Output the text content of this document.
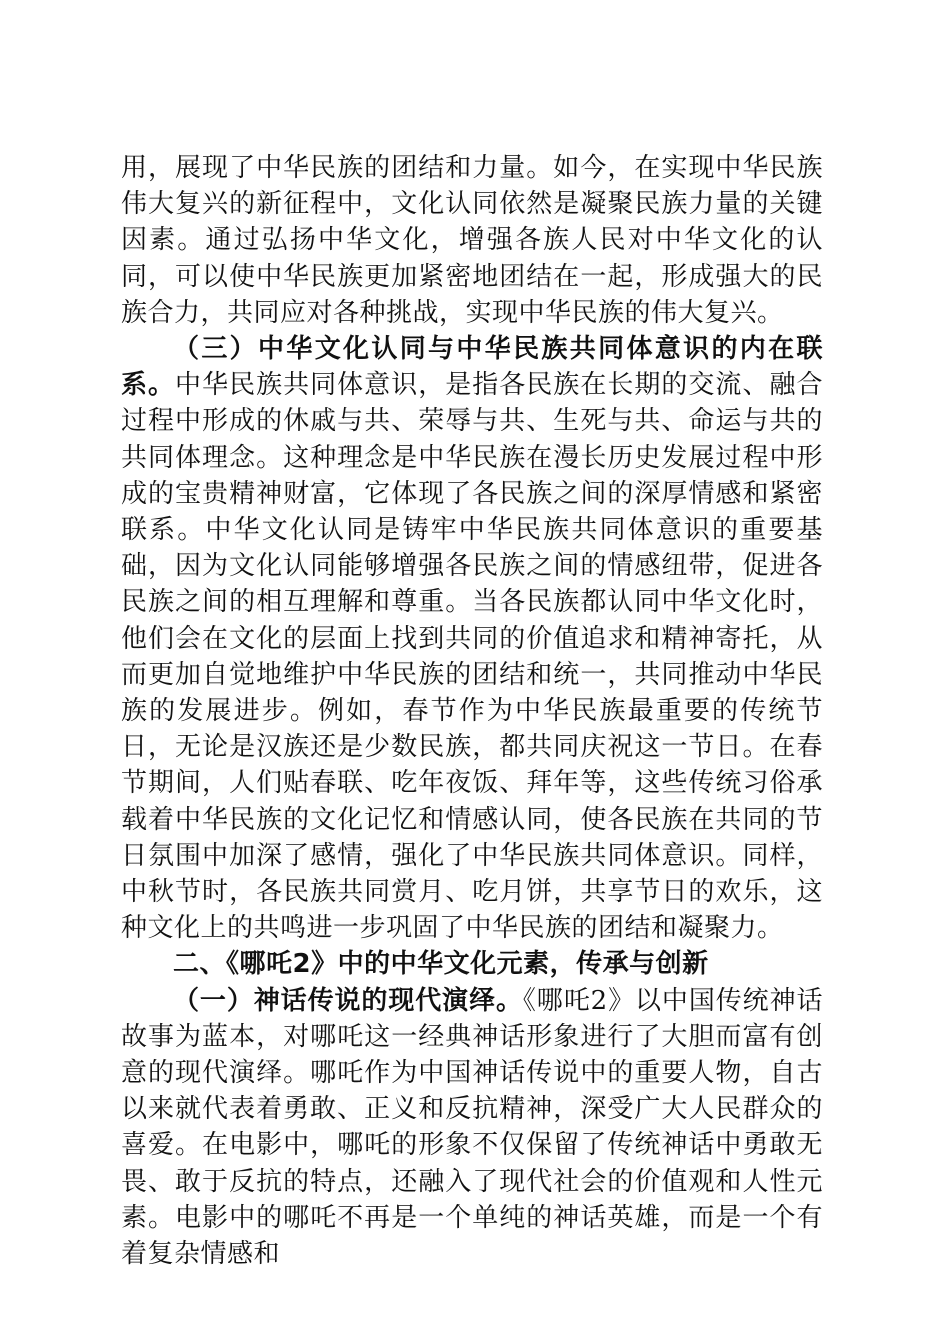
用，展现了中华民族的团结和力量。如今，在实现中华民族伟大复兴的新征程中，文化认同依然是凝聚民族力量的关键因素。通过弘扬中华文化，增强各族人民对中华文化的认同，可以使中华民族更加紧密地团结在一起，形成强大的民族合力，共同应对各种挑战，实现中华民族的伟大复兴。

（三）中华文化认同与中华民族共同体意识的内在联系。中华民族共同体意识，是指各民族在长期的交流、融合过程中形成的休戚与共、荣辱与共、生死与共、命运与共的共同体理念。这种理念是中华民族在漫长历史发展过程中形成的宝贵精神财富，它体现了各民族之间的深厚情感和紧密联系。中华文化认同是铸牢中华民族共同体意识的重要基础，因为文化认同能够增强各民族之间的情感纽带，促进各民族之间的相互理解和尊重。当各民族都认同中华文化时，他们会在文化的层面上找到共同的价值追求和精神寄托，从而更加自觉地维护中华民族的团结和统一，共同推动中华民族的发展进步。例如，春节作为中华民族最重要的传统节日，无论是汉族还是少数民族，都共同庆祝这一节日。在春节期间，人们贴春联、吃年夜饭、拜年等，这些传统习俗承载着中华民族的文化记忆和情感认同，使各民族在共同的节日氛围中加深了感情，强化了中华民族共同体意识。同样，中秋节时，各民族共同赏月、吃月饼，共享节日的欢乐，这种文化上的共鸣进一步巩固了中华民族的团结和凝聚力。

二、《哪吒2》中的中华文化元素，传承与创新

（一）神话传说的现代演绎。《哪吒2》以中国传统神话故事为蓝本，对哪吒这一经典神话形象进行了大胆而富有创意的现代演绎。哪吒作为中国神话传说中的重要人物，自古以来就代表着勇敢、正义和反抗精神，深受广大人民群众的喜爱。在电影中，哪吒的形象不仅保留了传统神话中勇敢无畏、敢于反抗的特点，还融入了现代社会的价值观和人性元素。电影中的哪吒不再是一个单纯的神话英雄，而是一个有着复杂情感和
